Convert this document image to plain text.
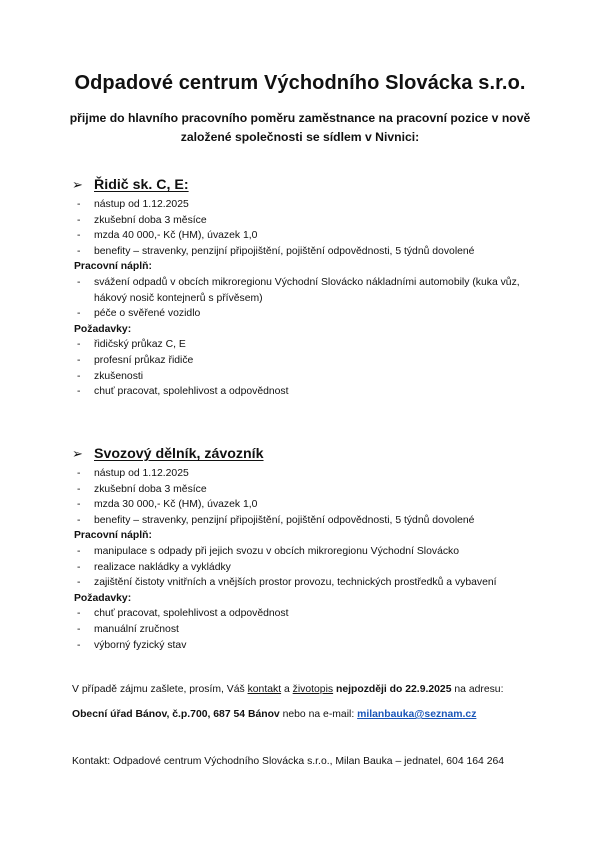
Odpadové centrum Východního Slovácka s.r.o.
přijme do hlavního pracovního poměru zaměstnance na pracovní pozice v nově založené společnosti se sídlem v Nivnici:
➢ Řidič sk. C, E:
- nástup od 1.12.2025
- zkušební doba 3 měsíce
- mzda 40 000,- Kč (HM), úvazek 1,0
- benefity – stravenky, penzijní připojištění, pojištění odpovědnosti, 5 týdnů dovolené
Pracovní náplň:
- svážení odpadů v obcích mikroregionu Východní Slovácko nákladními automobily (kuka vůz, hákový nosič kontejnerů s přívěsem)
- péče o svěřené vozidlo
Požadavky:
- řidičský průkaz C, E
- profesní průkaz řidiče
- zkušenosti
- chuť pracovat, spolehlivost a odpovědnost
➢ Svozový dělník, závozník
- nástup od 1.12.2025
- zkušební doba 3 měsíce
- mzda 30 000,- Kč (HM), úvazek 1,0
- benefity – stravenky, penzijní připojištění, pojištění odpovědnosti, 5 týdnů dovolené
Pracovní náplň:
- manipulace s odpady při jejich svozu v obcích mikroregionu Východní Slovácko
- realizace nakládky a vykládky
- zajištění čistoty vnitřních a vnějších prostor provozu, technických prostředků a vybavení
Požadavky:
- chuť pracovat, spolehlivost a odpovědnost
- manuální zručnost
- výborný fyzický stav
V případě zájmu zašlete, prosím, Váš kontakt a životopis nejpozději do 22.9.2025 na adresu:
Obecní úřad Bánov, č.p.700, 687 54 Bánov nebo na e-mail: milanbauka@seznam.cz
Kontakt: Odpadové centrum Východního Slovácka s.r.o., Milan Bauka – jednatel, 604 164 264
